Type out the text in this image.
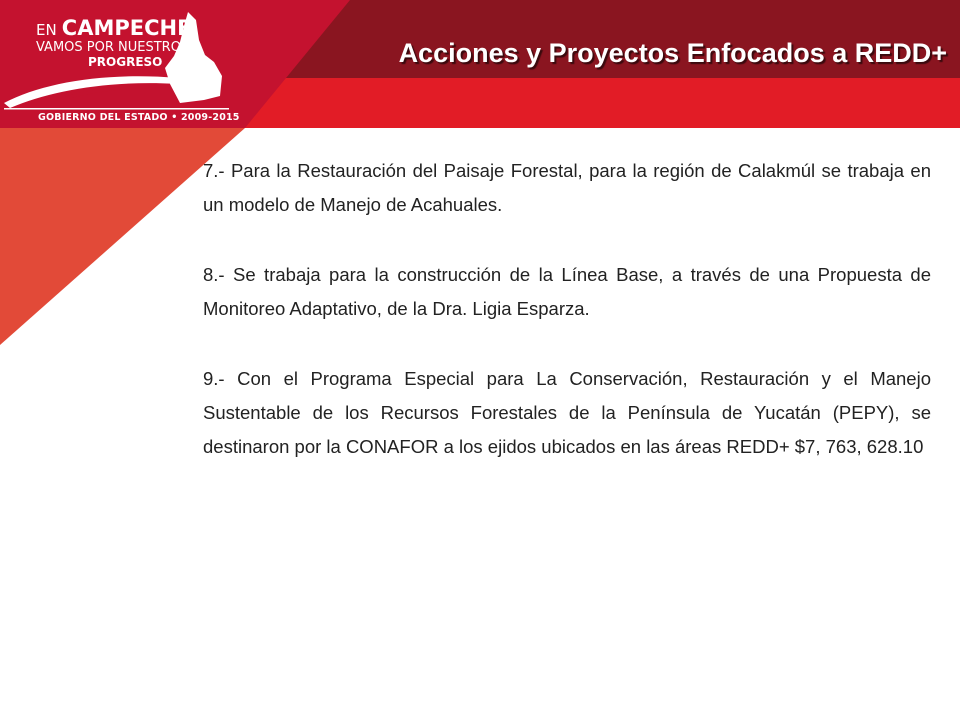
EN CAMPECHE
VAMOS POR NUESTRO
PROGRESO
GOBIERNO DEL ESTADO • 2009-2015
Acciones y Proyectos Enfocados a REDD+

7.- Para la Restauración del Paisaje Forestal, para la región de Calakmúl se trabaja en un modelo de Manejo de Acahuales.

8.- Se trabaja para la construcción de la Línea Base, a través de una Propuesta de Monitoreo Adaptativo, de la Dra. Ligia Esparza.

9.- Con el Programa Especial para La Conservación, Restauración y el Manejo Sustentable de los Recursos Forestales de la Península de Yucatán (PEPY), se destinaron por la CONAFOR a los ejidos ubicados en las áreas REDD+ $7, 763, 628.10
